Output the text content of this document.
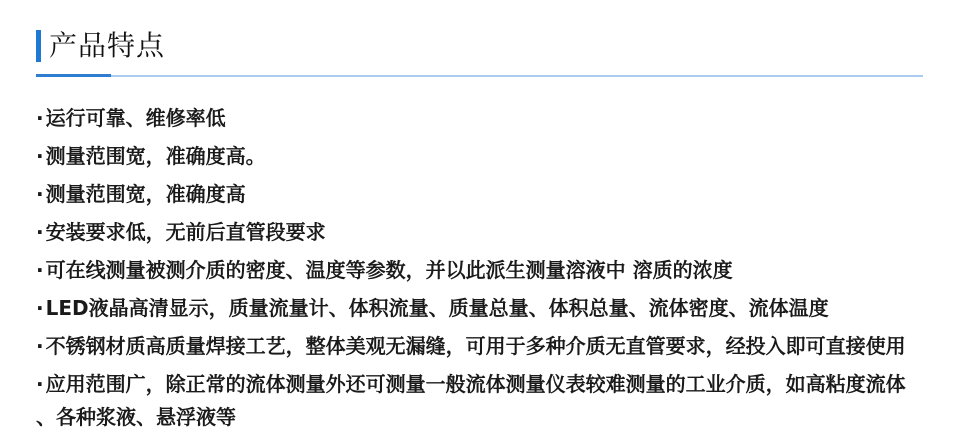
产品特点
· 运行可靠、维修率低
· 测量范围宽，准确度高。
· 测量范围宽，准确度高
· 安装要求低，无前后直管段要求
· 可在线测量被测介质的密度、温度等参数，并以此派生测量溶液中 溶质的浓度
· LED液晶高清显示，质量流量计、体积流量、质量总量、体积总量、流体密度、流体温度
· 不锈钢材质高质量焊接工艺，整体美观无漏缝，可用于多种介质无直管要求，经投入即可直接使用
· 应用范围广，除正常的流体测量外还可测量一般流体测量仪表较难测量的工业介质，如高粘度流体、各种浆液、悬浮液等
